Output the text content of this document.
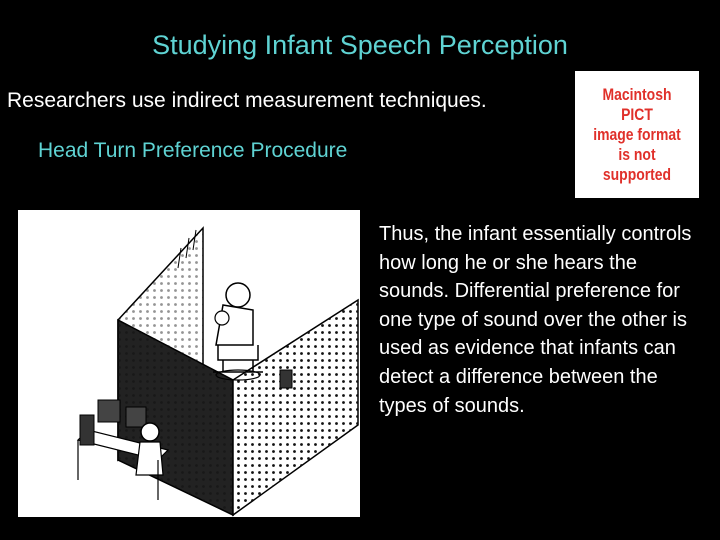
Studying Infant Speech Perception
Researchers use indirect measurement techniques.
Head Turn Preference Procedure
Macintosh PICT
image format
is not supported
Thus, the infant essentially controls how long he or she hears the sounds. Differential preference for one type of sound over the other is used as evidence that infants can detect a difference between the types of sounds.
